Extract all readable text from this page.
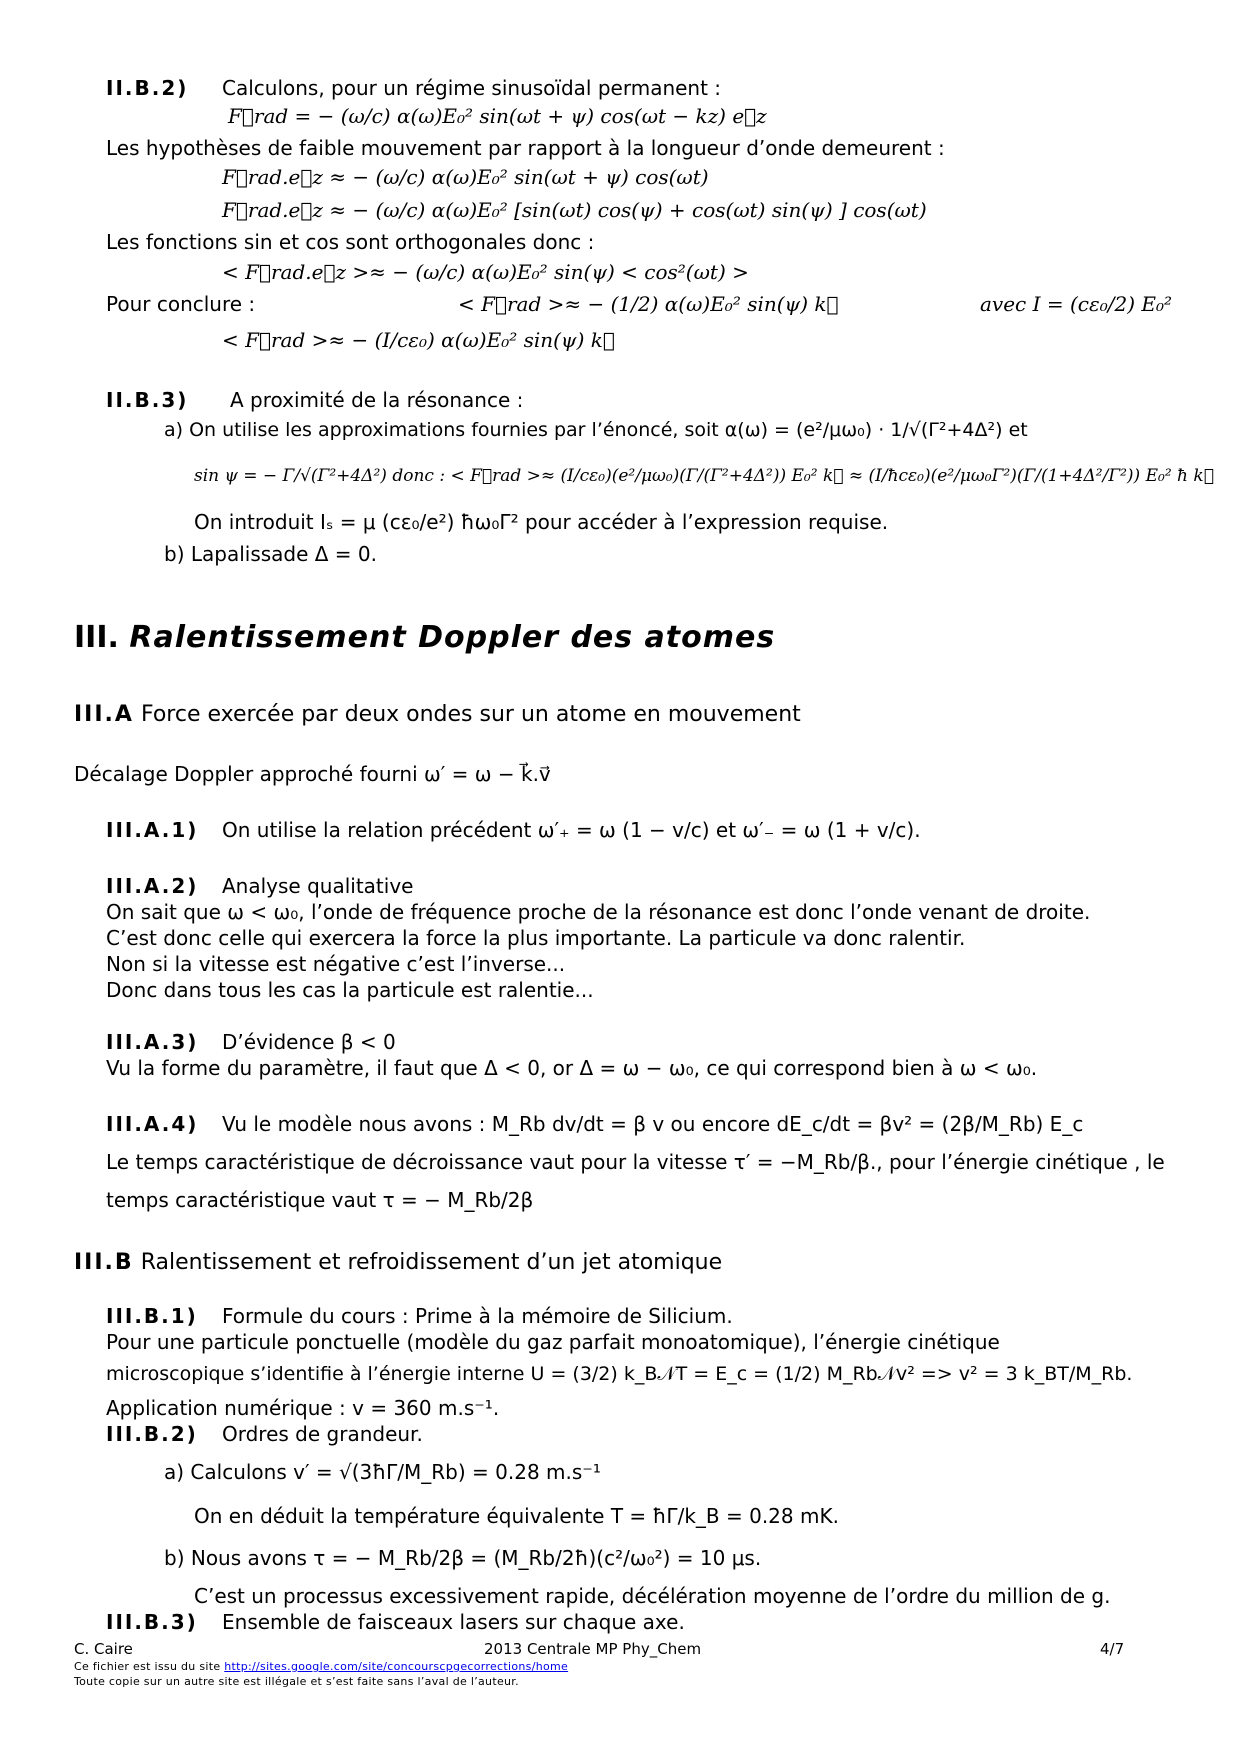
II.B.2) Calculons, pour un régime sinusoïdal permanent :
F⃗rad = − (ω/c) α(ω)E₀² sin(ωt + ψ) cos(ωt − kz) e⃗z
Les hypothèses de faible mouvement par rapport à la longueur d’onde demeurent :
F⃗rad.e⃗z ≈ − (ω/c) α(ω)E₀² sin(ωt + ψ) cos(ωt)
F⃗rad.e⃗z ≈ − (ω/c) α(ω)E₀² [sin(ωt) cos(ψ) + cos(ωt) sin(ψ) ] cos(ωt)
Les fonctions sin et cos sont orthogonales donc :
< F⃗rad.e⃗z >≈ − (ω/c) α(ω)E₀² sin(ψ) < cos²(ωt) >
Pour conclure :	< F⃗rad >≈ − (1/2) α(ω)E₀² sin(ψ) k⃗	avec I = (cε₀/2) E₀²
< F⃗rad >≈ − (I/cε₀) α(ω)E₀² sin(ψ) k⃗
II.B.3) A proximité de la résonance :
a) On utilise les approximations fournies par l’énoncé, soit α(ω) = (e²/μω₀) · 1/√(Γ²+4Δ²) et
sin ψ = − Γ/√(Γ²+4Δ²) donc : < F⃗rad >≈ (I/cε₀)(e²/μω₀)(Γ/(Γ²+4Δ²)) E₀² k⃗ ≈ (I/ħcε₀)(e²/μω₀Γ²)(Γ/(1+4Δ²/Γ²)) E₀² ħ k⃗
On introduit Iₛ = μ (cε₀/e²) ħω₀Γ² pour accéder à l’expression requise.
b) Lapalissade Δ = 0.
III. Ralentissement Doppler des atomes
III.A Force exercée par deux ondes sur un atome en mouvement
Décalage Doppler approché fourni ω′ = ω − k⃗.v⃗
III.A.1) On utilise la relation précédent ω′₊ = ω (1 − v/c) et ω′₋ = ω (1 + v/c).
III.A.2) Analyse qualitative
On sait que ω < ω₀, l’onde de fréquence proche de la résonance est donc l’onde venant de droite.
C’est donc celle qui exercera la force la plus importante. La particule va donc ralentir.
Non si la vitesse est négative c’est l’inverse...
Donc dans tous les cas la particule est ralentie...
III.A.3) D’évidence β < 0
Vu la forme du paramètre, il faut que Δ < 0, or Δ = ω − ω₀, ce qui correspond bien à ω < ω₀.
III.A.4) Vu le modèle nous avons : M_Rb dv/dt = β v ou encore dE_c/dt = βv² = (2β/M_Rb) E_c
Le temps caractéristique de décroissance vaut pour la vitesse τ′ = −M_Rb/β., pour l’énergie cinétique , le
temps caractéristique vaut τ = − M_Rb/2β
III.B Ralentissement et refroidissement d’un jet atomique
III.B.1) Formule du cours : Prime à la mémoire de Silicium.
Pour une particule ponctuelle (modèle du gaz parfait monoatomique), l’énergie cinétique
microscopique s’identifie à l’énergie interne U = (3/2) k_B𝒩T = E_c = (1/2) M_Rb𝒩v² => v² = 3 k_BT/M_Rb.
Application numérique : v = 360 m.s⁻¹.
III.B.2) Ordres de grandeur.
a) Calculons v′ = √(3ħΓ/M_Rb) = 0.28 m.s⁻¹
On en déduit la température équivalente T = ħΓ/k_B = 0.28 mK.
b) Nous avons τ = − M_Rb/2β = (M_Rb/2ħ)(c²/ω₀²) = 10 μs.
C’est un processus excessivement rapide, décélération moyenne de l’ordre du million de g.
III.B.3) Ensemble de faisceaux lasers sur chaque axe.
C. Caire	2013 Centrale MP Phy_Chem	4/7
Ce fichier est issu du site http://sites.google.com/site/concourscpgecorrections/home
Toute copie sur un autre site est illégale et s’est faite sans l’aval de l’auteur.
